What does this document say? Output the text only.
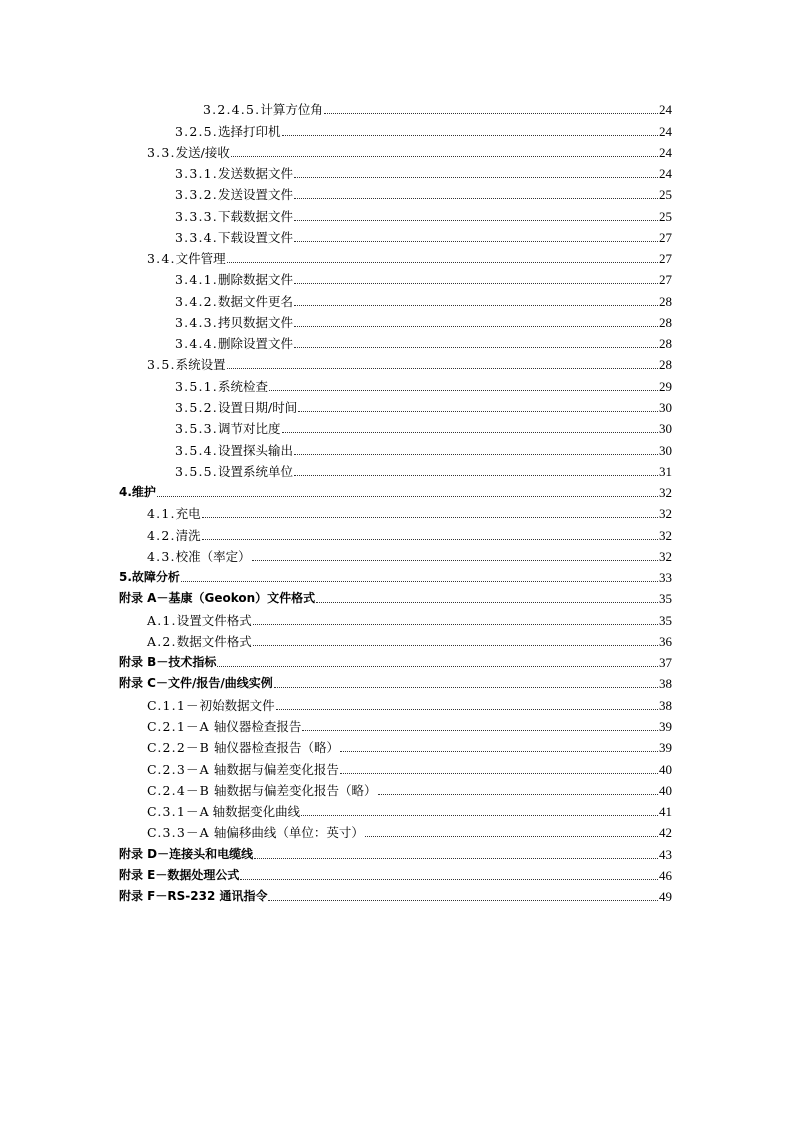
3.2.4.5.计算方位角	24
3.2.5.选择打印机	24
3.3.发送/接收	24
3.3.1.发送数据文件	24
3.3.2.发送设置文件	25
3.3.3.下载数据文件	25
3.3.4.下载设置文件	27
3.4.文件管理	27
3.4.1.删除数据文件	27
3.4.2.数据文件更名	28
3.4.3.拷贝数据文件	28
3.4.4.删除设置文件	28
3.5.系统设置	28
3.5.1.系统检查	29
3.5.2.设置日期/时间	30
3.5.3.调节对比度	30
3.5.4.设置探头输出	30
3.5.5.设置系统单位	31
4.维护	32
4.1.充电	32
4.2.清洗	32
4.3.校准（率定）	32
5.故障分析	33
附录 A－基康（Geokon）文件格式	35
A.1.设置文件格式	35
A.2.数据文件格式	36
附录 B－技术指标	37
附录 C－文件/报告/曲线实例	38
C.1.1－初始数据文件	38
C.2.1－A 轴仪器检查报告	39
C.2.2－B 轴仪器检查报告（略）	39
C.2.3－A 轴数据与偏差变化报告	40
C.2.4－B 轴数据与偏差变化报告（略）	40
C.3.1－A 轴数据变化曲线	41
C.3.3－A 轴偏移曲线（单位：英寸）	42
附录 D－连接头和电缆线	43
附录 E－数据处理公式	46
附录 F－RS-232 通讯指令	49
